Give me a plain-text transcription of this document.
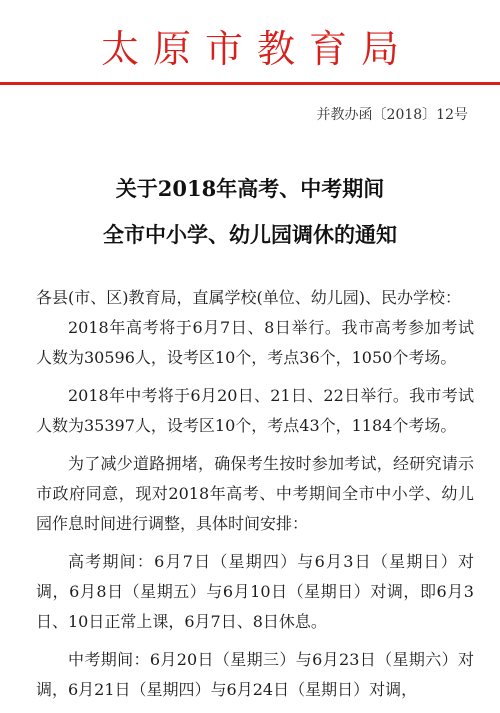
太原市教育局
并教办函〔2018〕12号
关于2018年高考、中考期间
全市中小学、幼儿园调休的通知

各县(市、区)教育局，直属学校(单位、幼儿园)、民办学校：

2018年高考将于6月7日、8日举行。我市高考参加考试人数为30596人，设考区10个，考点36个，1050个考场。

2018年中考将于6月20日、21日、22日举行。我市考试人数为35397人，设考区10个，考点43个，1184个考场。

为了减少道路拥堵，确保考生按时参加考试，经研究请示市政府同意，现对2018年高考、中考期间全市中小学、幼儿园作息时间进行调整，具体时间安排：

高考期间：6月7日（星期四）与6月3日（星期日）对调，6月8日（星期五）与6月10日（星期日）对调，即6月3日、10日正常上课，6月7日、8日休息。

中考期间：6月20日（星期三）与6月23日（星期六）对调，6月21日（星期四）与6月24日（星期日）对调，
